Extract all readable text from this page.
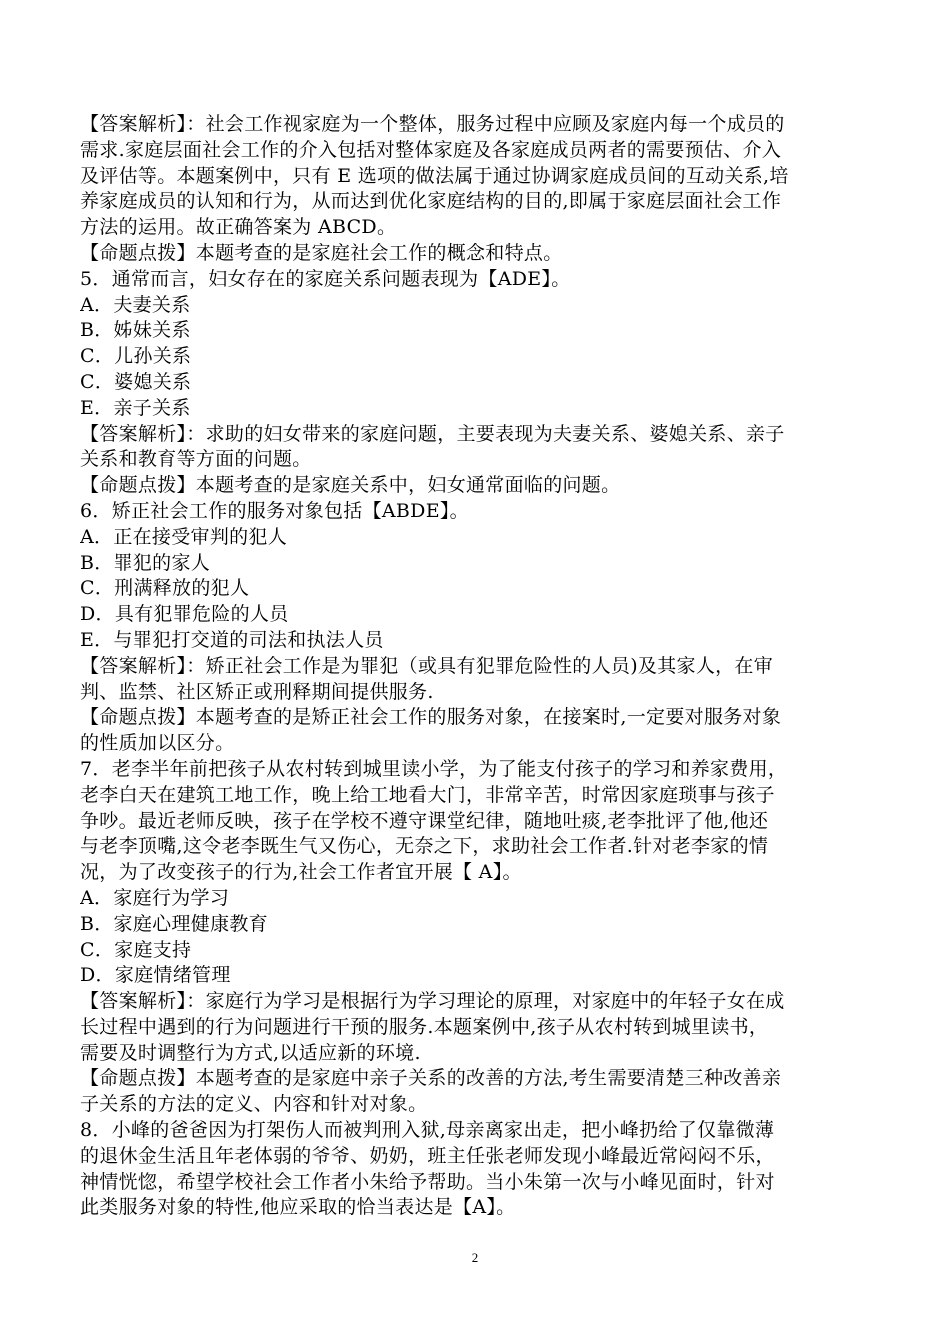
【答案解析】：社会工作视家庭为一个整体，服务过程中应顾及家庭内每一个成员的
需求.家庭层面社会工作的介入包括对整体家庭及各家庭成员两者的需要预估、介入
及评估等。本题案例中，只有 E 选项的做法属于通过协调家庭成员间的互动关系,培
养家庭成员的认知和行为，从而达到优化家庭结构的目的,即属于家庭层面社会工作
方法的运用。故正确答案为 ABCD。
【命题点拨】本题考查的是家庭社会工作的概念和特点。
5．通常而言，妇女存在的家庭关系问题表现为【ADE】。
A．夫妻关系
B．姊妹关系
C．儿孙关系
C．婆媳关系
E．亲子关系
【答案解析】：求助的妇女带来的家庭问题，主要表现为夫妻关系、婆媳关系、亲子
关系和教育等方面的问题。
【命题点拨】本题考查的是家庭关系中，妇女通常面临的问题。
6．矫正社会工作的服务对象包括【ABDE】。
A．正在接受审判的犯人
B．罪犯的家人
C．刑满释放的犯人
D．具有犯罪危险的人员
E．与罪犯打交道的司法和执法人员
【答案解析】：矫正社会工作是为罪犯（或具有犯罪危险性的人员)及其家人，在审
判、监禁、社区矫正或刑释期间提供服务.
【命题点拨】本题考查的是矫正社会工作的服务对象，在接案时,一定要对服务对象
的性质加以区分。
7．老李半年前把孩子从农村转到城里读小学，为了能支付孩子的学习和养家费用，
老李白天在建筑工地工作，晚上给工地看大门，非常辛苦，时常因家庭琐事与孩子
争吵。最近老师反映，孩子在学校不遵守课堂纪律，随地吐痰,老李批评了他,他还
与老李顶嘴,这令老李既生气又伤心，无奈之下，求助社会工作者.针对老李家的情
况，为了改变孩子的行为,社会工作者宜开展【 A】。
A．家庭行为学习
B．家庭心理健康教育
C．家庭支持
D．家庭情绪管理
【答案解析】：家庭行为学习是根据行为学习理论的原理，对家庭中的年轻子女在成
长过程中遇到的行为问题进行干预的服务.本题案例中,孩子从农村转到城里读书，
需要及时调整行为方式,以适应新的环境.
【命题点拨】本题考查的是家庭中亲子关系的改善的方法,考生需要清楚三种改善亲
子关系的方法的定义、内容和针对对象。
8．小峰的爸爸因为打架伤人而被判刑入狱,母亲离家出走，把小峰扔给了仅靠微薄
的退休金生活且年老体弱的爷爷、奶奶，班主任张老师发现小峰最近常闷闷不乐，
神情恍惚，希望学校社会工作者小朱给予帮助。当小朱第一次与小峰见面时，针对
此类服务对象的特性,他应采取的恰当表达是【A】。
2
